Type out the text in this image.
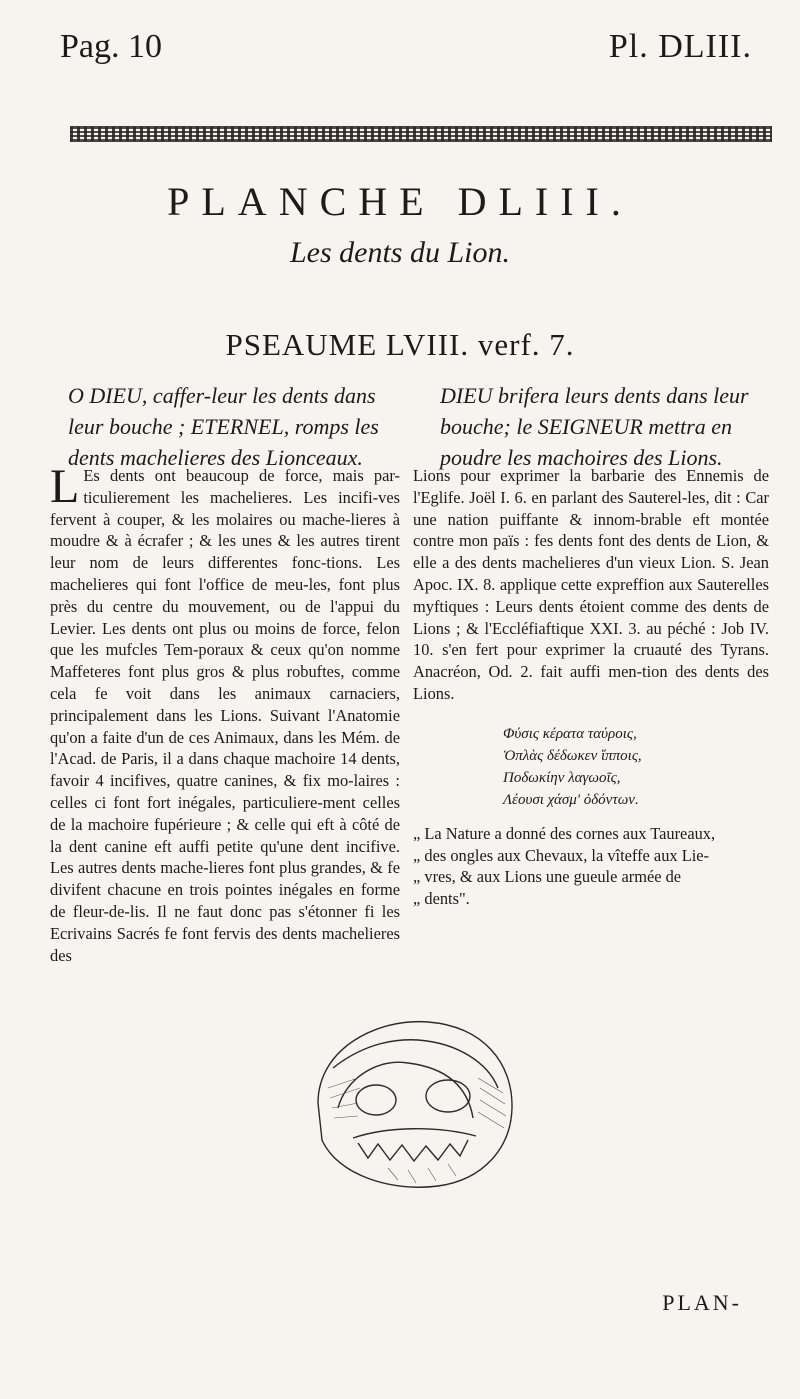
Pag. 10	Pl. DLIII.
PLANCHE DLIII.
Les dents du Lion.
PSEAUME LVIII. verf. 7.
O DIEU, caffer-leur les dents dans leur bouche ; ETERNEL, romps les dents machelieres des Lionceaux.
DIEU brifera leurs dents dans leur bouche; le SEIGNEUR mettra en poudre les machoires des Lions.

L Es dents ont beaucoup de force, mais par-ticulierement les machelieres. Les incifi-ves fervent à couper, & les molaires ou mache-lieres à moudre & à écrafer ; & les unes & les autres tirent leur nom de leurs differentes fonc-tions. Les machelieres qui font l'office de meu-les, font plus près du centre du mouvement, ou de l'appui du Levier. Les dents ont plus ou moins de force, felon que les mufcles Tem-poraux & ceux qu'on nomme Maffeteres font plus gros & plus robuftes, comme cela fe voit dans les animaux carnaciers, principalement dans les Lions. Suivant l'Anatomie qu'on a faite d'un de ces Animaux, dans les Mém. de l'Acad. de Paris, il a dans chaque machoire 14 dents, favoir 4 incifives, quatre canines, & fix mo-laires : celles ci font fort inégales, particuliere-ment celles de la machoire fupérieure ; & celle qui eft à côté de la dent canine eft auffi petite qu'une dent incifive. Les autres dents mache-lieres font plus grandes, & fe divifent chacune en trois pointes inégales en forme de fleur-de-lis. Il ne faut donc pas s'étonner fi les Ecrivains Sacrés fe font fervis des dents machelieres des

Lions pour exprimer la barbarie des Ennemis de l'Eglife. Joël I. 6. en parlant des Sauterel-les, dit : Car une nation puiffante & innom-brable eft montée contre mon païs : fes dents font des dents de Lion, & elle a des dents machelieres d'un vieux Lion. S. Jean Apoc. IX. 8. applique cette expreffion aux Sauterelles myftiques : Leurs dents étoient comme des dents de Lions ; & l'Eccléfiaftique XXI. 3. au péché : Job IV. 10. s'en fert pour exprimer la cruauté des Tyrans. Anacréon, Od. 2. fait auffi men-tion des dents des Lions.

Φύσις κέρατα ταύροις,
Ὁπλὰς δέδωκεν ἵπποις,
Ποδωκίην λαγωοῖς,
Λέουσι χάσμ' ὀδόντων.

„ La Nature a donné des cornes aux Taureaux,

„ des ongles aux Chevaux, la vîteffe aux Lie-

„ vres, & aux Lions une gueule armée de

„ dents".

PLAN-
